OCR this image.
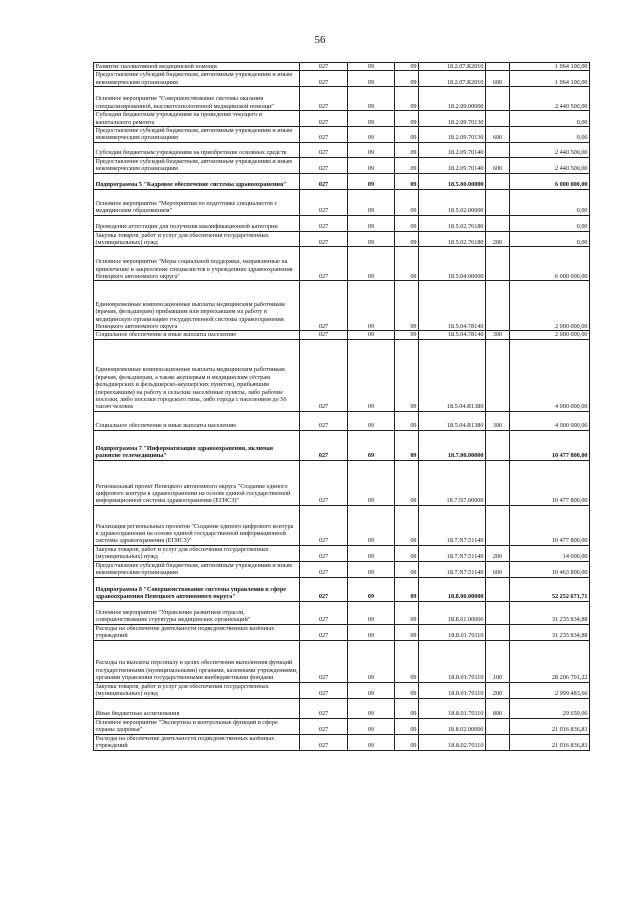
56
Развитие паллиативной медицинской помощи	027	09	09	18.2.07.R2010		1 064 100,00
Предоставление субсидий бюджетным, автономным учреждениям и иным некоммерческим организациям	027	09	09	18.2.07.R2010	600	1 064 100,00
Основное мероприятие "Совершенствование системы оказания специализированной, высокотехнологичной медицинской помощи"	027	09	09	18.2.09.00000		2 440 500,00
Субсидии бюджетным учреждениям на проведение текущего и капитального ремонта	027	09	09	18.2.09.70130		0,00
Предоставление субсидий бюджетным, автономным учреждениям и иным некоммерческим организациям	027	09	09	18.2.09.70130	600	0,00
Субсидии бюджетным учреждениям на приобретение основных средств	027	09	09	18.2.09.70140		2 440 500,00
Предоставление субсидий бюджетным, автономным учреждениям и иным некоммерческим организациям	027	09	09	18.2.09.70140	600	2 440 500,00
Подпрограмма 5 "Кадровое обеспечение системы здравоохранения"	027	09	09	18.5.00.00000		6 000 000,00
Основное мероприятие "Мероприятия по подготовке специалистов с медицинским образованием"	027	09	09	18.5.02.00000		0,00
Проведение аттестации для получения квалификационной категории	027	09	09	18.5.02.76180		0,00
Закупка товаров, работ и услуг для обеспечения государственных (муниципальных) нужд	027	09	09	18.5.02.76180	200	0,00
Основное мероприятие "Меры социальной поддержки, направленные на привлечение и закрепление специалистов в учреждениях здравоохранения Ненецкого автономного округа"	027	09	09	18.5.04.00000		6 000 000,00
Единовременные компенсационные выплаты медицинским работникам (врачам, фельдшерам) прибывшим или переехавшим на работу в медицинскую организацию государственной системы здравоохранения Ненецкого автономного округа	027	09	09	18.5.04.78140		2 000 000,00
Социальное обеспечение и иные выплаты населению	027	09	09	18.5.04.78140	300	2 000 000,00
Единовременные компенсационные выплаты медицинским работникам (врачам, фельдшерам, а также акушеркам и медицинским сёстрам фельдшерских и фельдшерско-акушерских пунктов), прибывшим (переехавшим) на работу в сельские населённые пункты, либо рабочие поселки, либо поселки городского типа, либо города с населением до 50 тысяч человек	027	09	09	18.5.04.R1380		4 000 000,00
Социальное обеспечение и иные выплаты населению	027	09	09	18.5.04.R1380	300	4 000 000,00
Подпрограмма 7 "Информатизация здравоохранения, включая развитие телемедицины"	027	09	09	18.7.00.00000		10 477 800,00
Региональный проект Ненецкого автономного округа "Создание единого цифрового контура в здравоохранении на основе единой государственной информационной системы здравоохранения (ЕГИСЗ)"	027	09	09	18.7.N7.00000		10 477 800,00
Реализация региональных проектов "Создание единого цифрового контура в здравоохранении на основе единой государственной информационной системы здравоохранения (ЕГИСЗ)"	027	09	09	18.7.N7.51140		10 477 800,00
Закупка товаров, работ и услуг для обеспечения государственных (муниципальных) нужд	027	09	09	18.7.N7.51140	200	14 000,00
Предоставление субсидий бюджетным, автономным учреждениям и иным некоммерческим организациям	027	09	09	18.7.N7.51140	600	10 463 800,00
Подпрограмма 8 "Совершенствование системы управления в сфере здравоохранения Ненецкого автономного округа"	027	09	09	18.8.00.00000		52 252 671,71
Основное мероприятие "Управление развитием отрасли, совершенствование структуры медицинских организаций"	027	09	09	18.8.01.00000		31 235 834,88
Расходы на обеспечение деятельности подведомственных казённых учреждений	027	09	09	18.8.01.70110		31 235 834,88
Расходы на выплаты персоналу в целях обеспечения выполнения функций государственными (муниципальными) органами, казенными учреждениями, органами управления государственными внебюджетными фондами	027	09	09	18.8.01.70110	100	28 206 701,22
Закупка товаров, работ и услуг для обеспечения государственных (муниципальных) нужд	027	09	09	18.8.01.70110	200	2 999 483,66
Иные бюджетные ассигнования	027	09	09	18.8.01.70110	800	29 650,00
Основное мероприятие "Экспертиза и контрольные функции в сфере охраны здоровья"	027	09	09	18.8.02.00000		21 016 836,83
Расходы на обеспечение деятельности подведомственных казённых учреждений	027	09	09	18.8.02.70110		21 016 836,83
